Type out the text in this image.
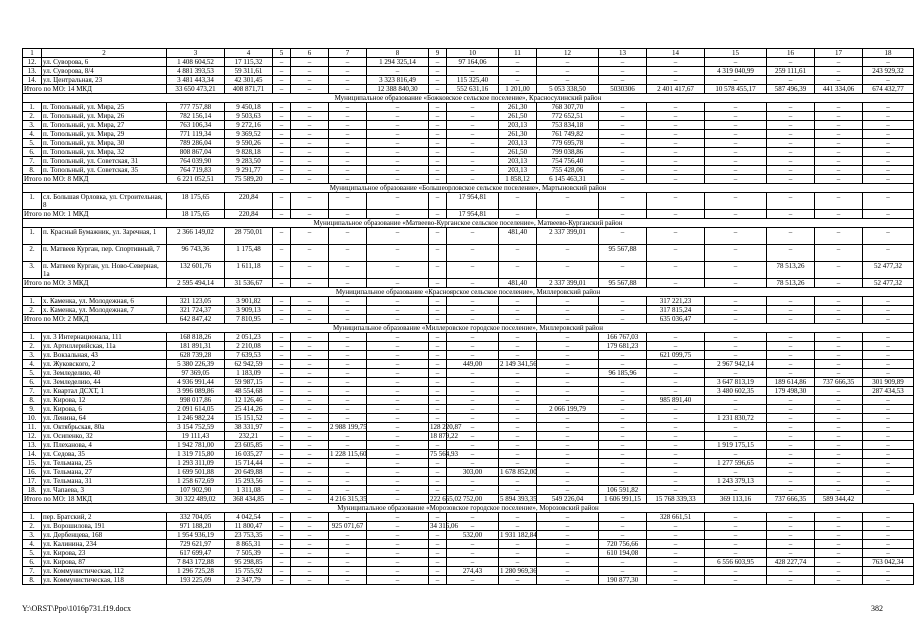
1	2	3	4	5	6	7	8	9	10	11	12	13	14	15	16	17	18
12.	ул. Суворова, 6	1 408 604,52	17 115,32	–	–	–	1 294 325,14	–	97 164,06	–	–	–	–	–	–	–	–
13.	ул. Суворова, 8/4	4 881 393,53	59 311,61	–	–	–	–	–	–	–	–	–	–	4 319 040,99	259 111,61	–	243 929,32
14.	ул. Центральная, 23	3 481 443,34	42 301,45	–	–	–	3 323 816,49	–	115 325,40	–	–	–	–	–	–	–	–
Итого по МО: 14 МКД		33 650 473,21	408 871,71	–	–	–	12 388 840,30	–	552 631,16	1 201,00	5 053 338,50	5030306	2 401 417,67	10 578 455,17	587 496,39	441 334,06	674 432,77
Муниципальное образование «Божковское сельское поселение», Красносулинский район																	
1.	п. Топольный, ул. Мира, 25	777 757,88	9 450,18	–	–	–	–	–	–	261,30	768 307,70	–	–	–	–	–	–
2.	п. Топольный, ул. Мира, 26	782 156,14	9 503,63	–	–	–	–	–	–	261,50	772 652,51	–	–	–	–	–	–
3.	п. Топольный, ул. Мира, 27	763 106,34	9 272,16	–	–	–	–	–	–	203,13	753 834,18	–	–	–	–	–	–
4.	п. Топольный, ул. Мира, 29	771 119,34	9 369,52	–	–	–	–	–	–	261,30	761 749,82	–	–	–	–	–	–
5.	п. Топольный, ул. Мира, 30	789 286,04	9 590,26	–	–	–	–	–	–	203,13	779 695,78	–	–	–	–	–	–
6.	п. Топольный, ул. Мира, 32	808 867,04	9 828,18	–	–	–	–	–	–	261,50	799 038,86	–	–	–	–	–	–
7.	п. Топольный, ул. Советская, 31	764 039,90	9 283,50	–	–	–	–	–	–	203,13	754 756,40	–	–	–	–	–	–
8.	п. Топольный, ул. Советская, 35	764 719,83	9 291,77	–	–	–	–	–	–	203,13	755 428,06	–	–	–	–	–	–
Итого по МО: 8 МКД		6 221 052,51	75 589,20	–	–	–	–	–	–	1 858,12	6 145 463,31	–	–	–	–	–	–
Муниципальное образование «Большеорловское сельское поселение», Мартыновский район																	
1.	сл. Большая Орловка, ул. Строительная, 8	18 175,65	220,84	–	–	–	–	–	17 954,81	–	–	–	–	–	–	–	–
Итого по МО: 1 МКД		18 175,65	220,84	–	–	–	–	–	17 954,81	–	–	–	–	–	–	–	–
Муниципальное образование «Матвеево-Курганское сельское поселение», Матвеево-Курганский район																	
1.	п. Красный Бумажник, ул. Заречная, 1	2 366 149,02	28 750,01	–	–	–	–	–	–	481,40	2 337 399,01	–	–	–	–	–	–
2.	п. Матвеев Курган, пер. Спортивный, 7	96 743,36	1 175,48	–	–	–	–	–	–	–	–	95 567,88	–	–	–	–	–
3.	п. Матвеев Курган, ул. Ново-Северная, 1а	132 601,76	1 611,18	–	–	–	–	–	–	–	–	–	–	–	78 513,26	–	52 477,32
Итого по МО: 3 МКД		2 595 494,14	31 536,67	–	–	–	–	–	–	481,40	2 337 399,01	95 567,88	–	–	78 513,26	–	52 477,32
Муниципальное образование «Красноярское сельское поселение», Миллеровский район																	
1.	х. Каменка, ул. Молодежная, 6	321 123,05	3 901,82	–	–	–	–	–	–	–	–	–	317 221,23	–	–	–	–
2.	х. Каменка, ул. Молодежная, 7	321 724,37	3 909,13	–	–	–	–	–	–	–	–	–	317 815,24	–	–	–	–
Итого по МО: 2 МКД		642 847,42	7 810,95	–	–	–	–	–	–	–	–	–	635 036,47	–	–	–	–
Муниципальное образование «Миллеровское городское поселение», Миллеровский район																	
1.	ул. 3 Интернационала, 111	168 818,26	2 051,23	–	–	–	–	–	–	–	–	166 767,03	–	–	–	–	–
2.	ул. Артиллерийская, 11а	181 891,31	2 210,08	–	–	–	–	–	–	–	–	179 681,23	–	–	–	–	–
3.	ул. Вокзальная, 43	628 739,28	7 639,53	–	–	–	–	–	–	–	–	–	621 099,75	–	–	–	–
4.	ул. Жуковского, 2	5 380 226,39	62 942,59	–	–	–	–	–	449,00	2 149 341,56	–	–	–	2 967 942,14	–	–	–
5.	ул. Земледелию, 40	97 369,05	1 183,09	–	–	–	–	–	–	–	–	96 185,96	–	–	–	–	–
6.	ул. Земледелию, 44	4 936 991,44	59 987,15	–	–	–	–	–	–	–	–	–	–	3 647 813,19	189 614,86	737 666,35	301 909,89
7.	ул. Квартал ДСХТ, 1	3 996 089,86	48 554,68	–	–	–	–	–	–	–	–	–	–	3 480 602,35	179 498,30	–	287 434,53
8.	ул. Кирова, 12	998 017,86	12 126,46	–	–	–	–	–	–	–	–	–	985 891,40	–	–	–	–
9.	ул. Кирова, 6	2 091 614,05	25 414,26	–	–	–	–	–	–	–	2 066 199,79	–	–	–	–	–	–
10.	ул. Ленина, 64	1 246 982,24	15 151,52	–	–	–	–	–	–	–	–	–	–	1 231 830,72	–	–	–
11.	ул. Октябрьская, 80а	3 154 752,59	38 331,97	–	–	2 988 199,75	–	128 220,87	–	–	–	–	–	–	–	–	–
12.	ул. Осипенко, 32	19 111,43	232,21	–	–	–	–	18 879,22	–	–	–	–	–	–	–	–	–
13.	ул. Плеханова, 4	1 942 781,00	23 605,85	–	–	–	–	–	–	–	–	–	–	1 919 175,15	–	–	–
14.	ул. Седова, 35	1 319 715,80	16 035,27	–	–	1 228 115,60	–	75 564,93	–	–	–	–	–	–	–	–	–
15.	ул. Тельмана, 25	1 293 311,09	15 714,44	–	–	–	–	–	–	–	–	–	–	1 277 596,65	–	–	–
16.	ул. Тельмана, 27	1 699 501,88	20 649,88	–	–	–	–	–	303,00	1 678 852,00	–	–	–	–	–	–	–
17.	ул. Тельмана, 31	1 258 672,69	15 293,56	–	–	–	–	–	–	–	–	–	–	1 243 379,13	–	–	–
18.	ул. Чапаева, 3	107 902,90	1 311,08	–	–	–	–	–	–	–	–	106 591,82	–	–	–	–	–
Итого по МО: 18 МКД		30 322 489,02	368 434,85	–	–	4 216 315,35	–	222 665,02	752,00	5 894 393,35	549 226,04	1 606 991,15	15 768 339,33	369 113,16	737 666,35	589 344,42	
Муниципальное образование «Морозовское городское поселение», Морозовский район																	
1.	пер. Братский, 2	332 704,05	4 042,54	–	–	–	–	–	–	–	–	–	328 661,51	–	–	–	–
2.	ул. Ворошилова, 191	971 188,20	11 800,47	–	–	925 071,67	–	34 316,06	–	–	–	–	–	–	–	–	–
3.	ул. Дербенцева, 168	1 954 936,19	23 753,35	–	–	–	–	–	532,00	1 931 182,84	–	–	–	–	–	–	–
4.	ул. Калинина, 234	729 621,97	8 865,31	–	–	–	–	–	–	–	–	720 756,66	–	–	–	–	–
5.	ул. Кирова, 23	617 699,47	7 505,39	–	–	–	–	–	–	–	–	610 194,08	–	–	–	–	–
6.	ул. Кирова, 87	7 843 172,88	95 298,85	–	–	–	–	–	–	–	–	–	–	6 556 603,95	428 227,74	–	763 042,34
7.	ул. Коммунистическая, 112	1 296 725,28	15 755,92	–	–	–	–	–	274,43	1 280 969,36	–	–	–	–	–	–	–
8.	ул. Коммунистическая, 118	193 225,09	2 347,79	–	–	–	–	–	–	–	–	190 877,30	–	–	–	–	–
Y:\ORST\Ppo\1016p731.f19.docx	382
